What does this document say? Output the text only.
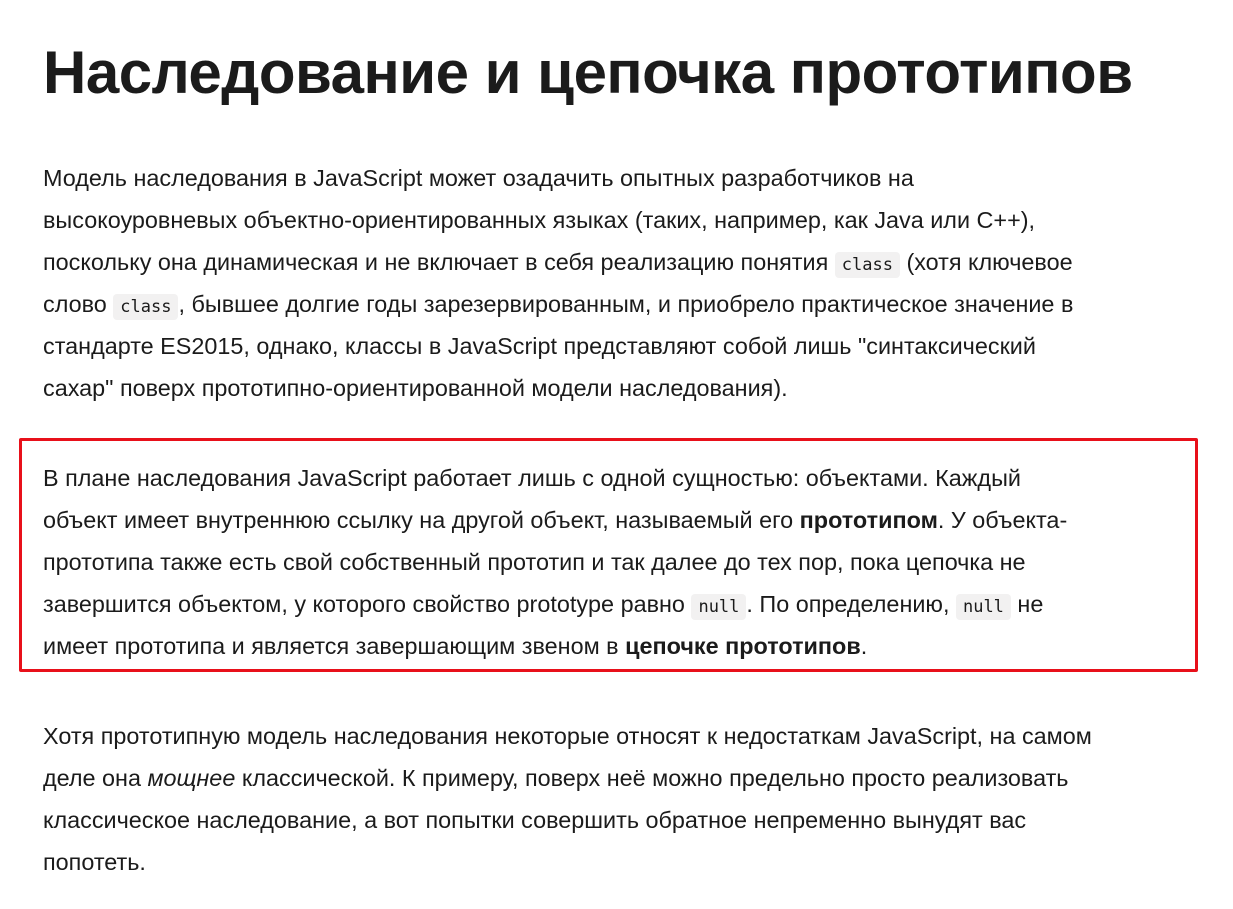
Наследование и цепочка прототипов

Модель наследования в JavaScript может озадачить опытных разработчиков на
высокоуровневых объектно-ориентированных языках (таких, например, как Java или C++),
поскольку она динамическая и не включает в себя реализацию понятия class (хотя ключевое
слово class , бывшее долгие годы зарезервированным, и приобрело практическое значение в
стандарте ES2015, однако, классы в JavaScript представляют собой лишь "синтаксический
сахар" поверх прототипно-ориентированной модели наследования).

В плане наследования JavaScript работает лишь с одной сущностью: объектами. Каждый
объект имеет внутреннюю ссылку на другой объект, называемый его прототипом. У объекта-
прототипа также есть свой собственный прототип и так далее до тех пор, пока цепочка не
завершится объектом, у которого свойство prototype равно null . По определению, null не
имеет прототипа и является завершающим звеном в цепочке прототипов.

Хотя прототипную модель наследования некоторые относят к недостаткам JavaScript, на самом
деле она мощнее классической. К примеру, поверх неё можно предельно просто реализовать
классическое наследование, а вот попытки совершить обратное непременно вынудят вас
попотеть.
